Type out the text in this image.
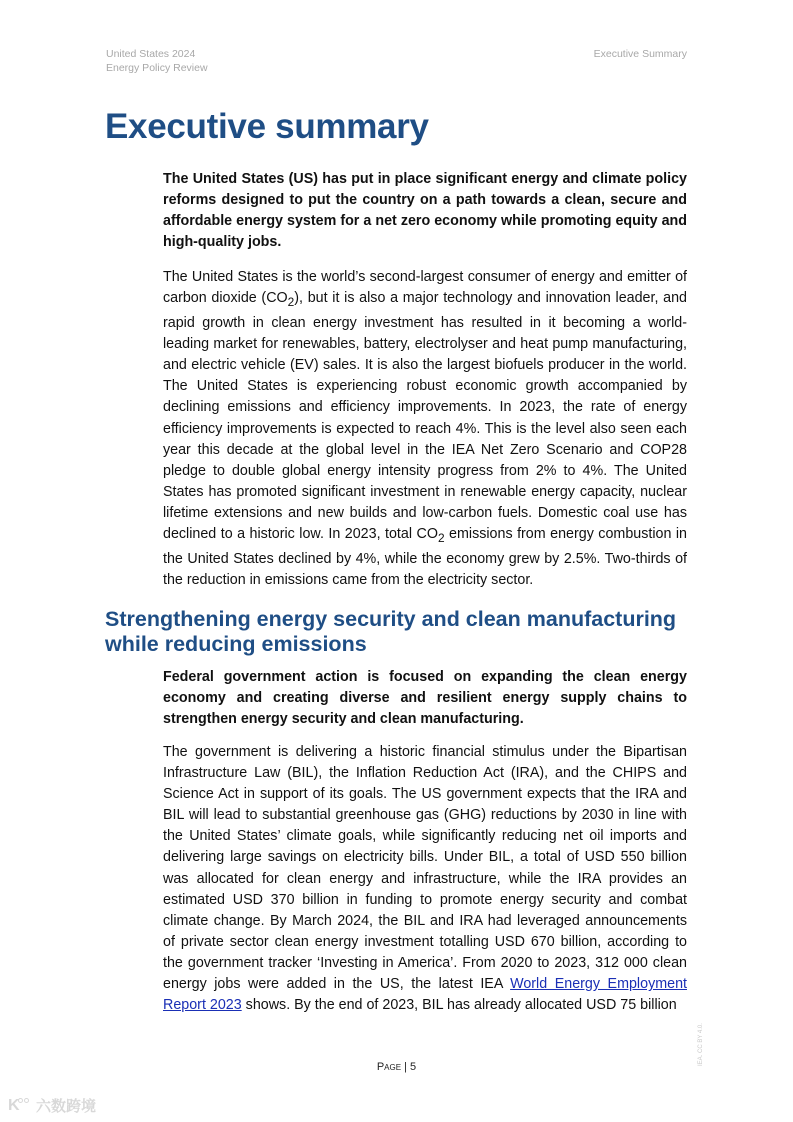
United States 2024
Energy Policy Review
Executive Summary
Executive summary

The United States (US) has put in place significant energy and climate policy reforms designed to put the country on a path towards a clean, secure and affordable energy system for a net zero economy while promoting equity and high-quality jobs.

The United States is the world’s second-largest consumer of energy and emitter of carbon dioxide $(CO_2)$, but it is also a major technology and innovation leader, and rapid growth in clean energy investment has resulted in it becoming a world-leading market for renewables, battery, electrolyser and heat pump manufacturing, and electric vehicle (EV) sales. It is also the largest biofuels producer in the world. The United States is experiencing robust economic growth accompanied by declining emissions and efficiency improvements. In 2023, the rate of energy efficiency improvements is expected to reach 4%. This is the level also seen each year this decade at the global level in the IEA Net Zero Scenario and COP28 pledge to double global energy intensity progress from 2% to 4%. The United States has promoted significant investment in renewable energy capacity, nuclear lifetime extensions and new builds and low-carbon fuels. Domestic coal use has declined to a historic low. In 2023, total $CO_2$ emissions from energy combustion in the United States declined by 4%, while the economy grew by 2.5%. Two-thirds of the reduction in emissions came from the electricity sector.

Strengthening energy security and clean manufacturing while reducing emissions

Federal government action is focused on expanding the clean energy economy and creating diverse and resilient energy supply chains to strengthen energy security and clean manufacturing.

The government is delivering a historic financial stimulus under the Bipartisan Infrastructure Law (BIL), the Inflation Reduction Act (IRA), and the CHIPS and Science Act in support of its goals. The US government expects that the IRA and BIL will lead to substantial greenhouse gas (GHG) reductions by 2030 in line with the United States’ climate goals, while significantly reducing net oil imports and delivering large savings on electricity bills. Under BIL, a total of USD 550 billion was allocated for clean energy and infrastructure, while the IRA provides an estimated USD 370 billion in funding to promote energy security and combat climate change. By March 2024, the BIL and IRA had leveraged announcements of private sector clean energy investment totalling USD 670 billion, according to the government tracker ‘Investing in America’. From 2020 to 2023, 312 000 clean energy jobs were added in the US, the latest IEA World Energy Employment Report 2023 shows. By the end of 2023, BIL has already allocated USD 75 billion

Page | 5
IEA. CC BY 4.0.
K 六数跨境
